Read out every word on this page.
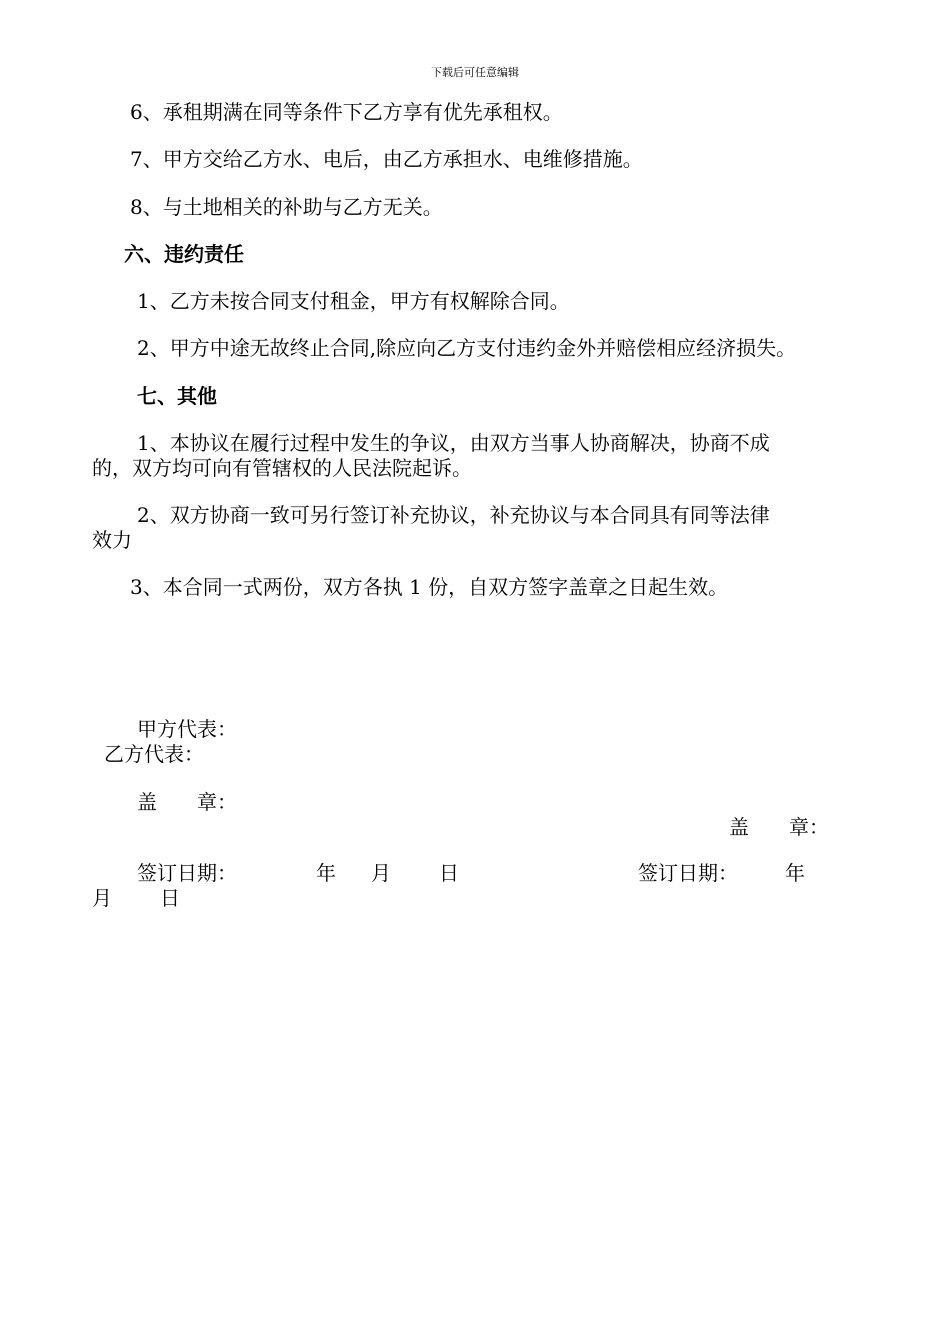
下载后可任意编辑
6、承租期满在同等条件下乙方享有优先承租权。
7、甲方交给乙方水、电后，由乙方承担水、电维修措施。
8、与土地相关的补助与乙方无关。
六、违约责任
1、乙方未按合同支付租金，甲方有权解除合同。
2、甲方中途无故终止合同,除应向乙方支付违约金外并赔偿相应经济损失。
七、其他
1、本协议在履行过程中发生的争议，由双方当事人协商解决，协商不成
的，双方均可向有管辖权的人民法院起诉。
2、双方协商一致可另行签订补充协议，补充协议与本合同具有同等法律
效力
3、本合同一式两份，双方各执 1 份，自双方签字盖章之日起生效。
甲方代表：
乙方代表：
盖　　章：
盖　　章：
签订日期：	年 月 日	签订日期： 年
月 日
